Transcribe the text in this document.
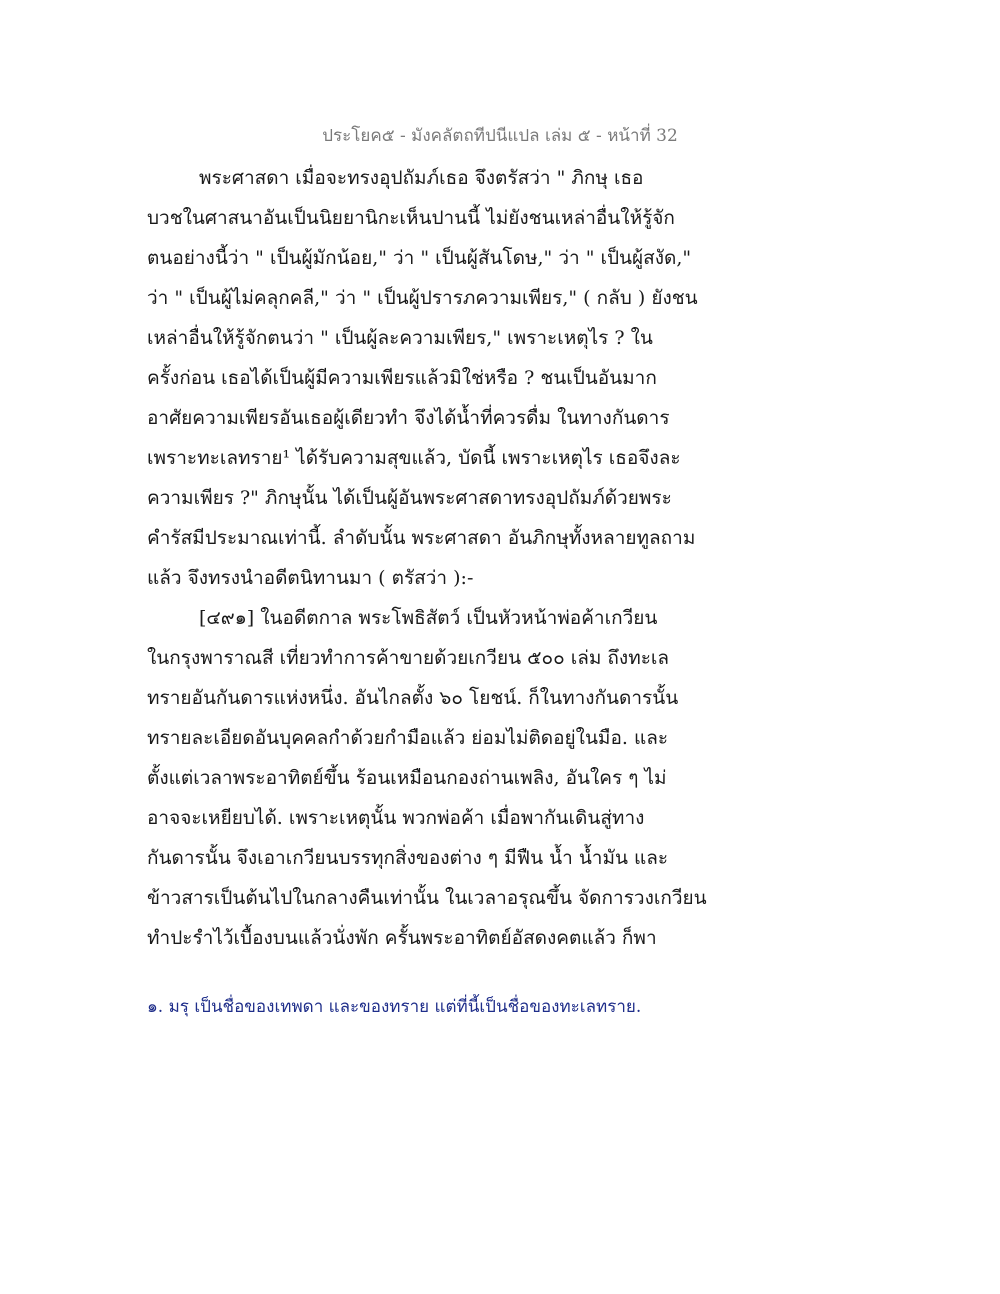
ประโยค๕ - มังคลัตถทีปนีแปล เล่ม ๕ - หน้าที่ 32
พระศาสดา เมื่อจะทรงอุปถัมภ์เธอ จึงตรัสว่า " ภิกษุ เธอ
บวชในศาสนาอันเป็นนิยยานิกะเห็นปานนี้ ไม่ยังชนเหล่าอื่นให้รู้จัก
ตนอย่างนี้ว่า " เป็นผู้มักน้อย," ว่า " เป็นผู้สันโดษ," ว่า " เป็นผู้สงัด,"
ว่า " เป็นผู้ไม่คลุกคลี," ว่า " เป็นผู้ปรารภความเพียร," ( กลับ ) ยังชน
เหล่าอื่นให้รู้จักตนว่า " เป็นผู้ละความเพียร," เพราะเหตุไร ? ใน
ครั้งก่อน เธอได้เป็นผู้มีความเพียรแล้วมิใช่หรือ ? ชนเป็นอันมาก
อาศัยความเพียรอันเธอผู้เดียวทำ จึงได้น้ำที่ควรดื่ม ในทางกันดาร
เพราะทะเลทราย¹ ได้รับความสุขแล้ว, บัดนี้ เพราะเหตุไร เธอจึงละ
ความเพียร ?" ภิกษุนั้น ได้เป็นผู้อันพระศาสดาทรงอุปถัมภ์ด้วยพระ
คำรัสมีประมาณเท่านี้. ลำดับนั้น พระศาสดา อันภิกษุทั้งหลายทูลถาม
แล้ว จึงทรงนำอดีตนิทานมา ( ตรัสว่า ):-
[๔๙๑] ในอดีตกาล พระโพธิสัตว์ เป็นหัวหน้าพ่อค้าเกวียน
ในกรุงพาราณสี เที่ยวทำการค้าขายด้วยเกวียน ๕๐๐ เล่ม ถึงทะเล
ทรายอันกันดารแห่งหนึ่ง. อันไกลตั้ง ๖๐ โยชน์. ก็ในทางกันดารนั้น
ทรายละเอียดอันบุคคลกำด้วยกำมือแล้ว ย่อมไม่ติดอยู่ในมือ. และ
ตั้งแต่เวลาพระอาทิตย์ขึ้น ร้อนเหมือนกองถ่านเพลิง, อันใคร ๆ ไม่
อาจจะเหยียบได้. เพราะเหตุนั้น พวกพ่อค้า เมื่อพากันเดินสู่ทาง
กันดารนั้น จึงเอาเกวียนบรรทุกสิ่งของต่าง ๆ มีฟืน น้ำ น้ำมัน และ
ข้าวสารเป็นต้นไปในกลางคืนเท่านั้น ในเวลาอรุณขึ้น จัดการวงเกวียน
ทำปะรำไว้เบื้องบนแล้วนั่งพัก ครั้นพระอาทิตย์อัสดงคตแล้ว ก็พา
๑. มรุ เป็นชื่อของเทพดา และของทราย แต่ที่นี้เป็นชื่อของทะเลทราย.
